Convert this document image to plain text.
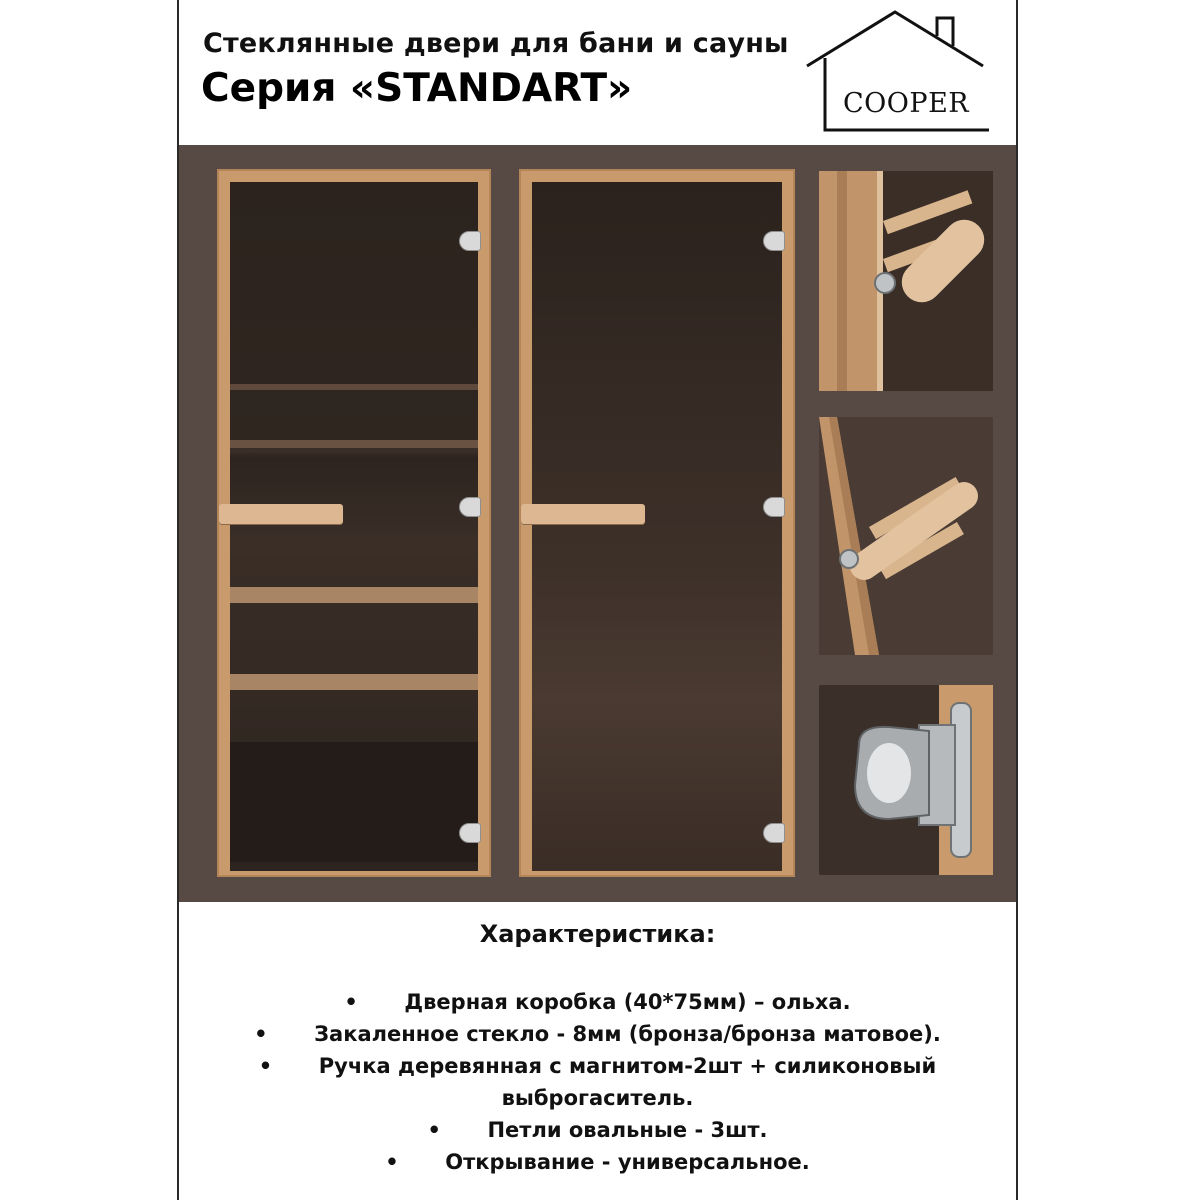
Стеклянные двери для бани и сауны
Серия «STANDART»	COOPER
Характеристика:
• Дверная коробка (40*75мм) – ольха.
• Закаленное стекло - 8мм (бронза/бронза матовое).
• Ручка деревянная с магнитом-2шт + силиконовый
выброгаситель.
• Петли овальные - 3шт.
• Открывание - универсальное.
